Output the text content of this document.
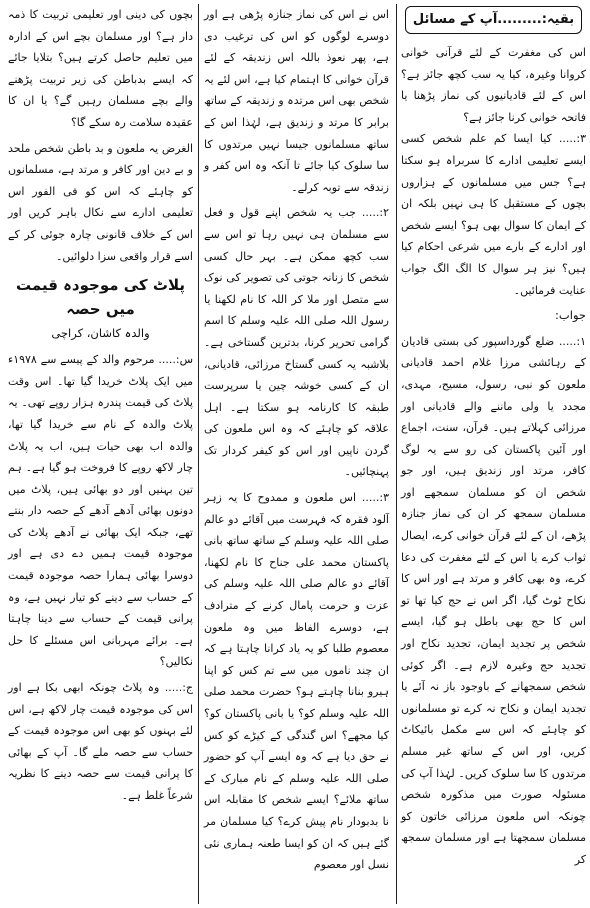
بقیہ:.........آپ کے مسائل

اس کی مغفرت کے لئے قرآنی خوانی کروانا وغیرہ، کیا یہ سب کچھ جائز ہے؟ اس کے لئے قادیانیوں کی نماز پڑھنا یا فاتحہ خوانی کرنا جائز ہے؟

۳:..... کیا ایسا کم علم شخص کسی ایسے تعلیمی ادارے کا سربراہ ہو سکتا ہے؟ جس میں مسلمانوں کے ہزاروں بچوں کے مستقبل کا ہی نہیں بلکہ ان کے ایمان کا سوال بھی ہو؟ ایسے شخص اور ادارے کے بارے میں شرعی احکام کیا ہیں؟ نیز ہر سوال کا الگ الگ جواب عنایت فرمائیں۔

جواب:

۱:..... ضلع گورداسپور کی بستی قادیان کے رہائشی مرزا غلام احمد قادیانی ملعون کو نبی، رسول، مسیح، مہدی، مجدد یا ولی ماننے والے قادیانی اور مرزائی کہلاتے ہیں۔ قرآن، سنت، اجماع اور آئین پاکستان کی رو سے یہ لوگ کافر، مرتد اور زندیق ہیں، اور جو شخص ان کو مسلمان سمجھے اور مسلمان سمجھ کر ان کی نماز جنازہ پڑھے، ان کے لئے قرآن خوانی کرے، ایصال ثواب کرے یا اس کے لئے مغفرت کی دعا کرے، وہ بھی کافر و مرتد ہے اور اس کا نکاح ٹوٹ گیا، اگر اس نے حج کیا تھا تو اس کا حج بھی باطل ہو گیا، ایسے شخص پر تجدید ایمان، تجدید نکاح اور تجدید حج وغیرہ لازم ہے۔ اگر کوئی شخص سمجھانے کے باوجود باز نہ آئے یا تجدید ایمان و نکاح نہ کرے تو مسلمانوں کو چاہئے کہ اس سے مکمل بائیکاٹ کریں، اور اس کے ساتھ غیر مسلم مرتدوں کا سا سلوک کریں۔ لہٰذا آپ کی مسئولہ صورت میں مذکورہ شخص چونکہ اس ملعون مرزائی خاتون کو مسلمان سمجھتا ہے اور مسلمان سمجھ کر

اس نے اس کی نماز جنازہ پڑھی ہے اور دوسرے لوگوں کو اس کی ترغیب دی ہے، پھر نعوذ باللہ اس زندیقہ کے لئے قرآن خوانی کا اہتمام کیا ہے، اس لئے یہ شخص بھی اس مرتدہ و زندیقہ کے ساتھ برابر کا مرتد و زندیق ہے، لہٰذا اس کے ساتھ مسلمانوں جیسا نہیں مرتدوں کا سا سلوک کیا جائے تا آنکہ وہ اس کفر و زندقہ سے توبہ کرلے۔

۲:..... جب یہ شخص اپنے قول و فعل سے مسلمان ہی نہیں رہا تو اس سے سب کچھ ممکن ہے۔ بہر حال کسی شخص کا زنانہ جوتی کی تصویر کی نوک سے متصل اور ملا کر اللہ کا نام لکھنا یا رسول اللہ صلی اللہ علیہ وسلم کا اسم گرامی تحریر کرنا، بدترین گستاخی ہے۔ بلاشبہ یہ کسی گستاخ مرزائی، قادیانی، ان کے کسی خوشہ چین یا سرپرست طبقہ کا کارنامہ ہو سکتا ہے۔ اہل علاقہ کو چاہئے کہ وہ اس ملعون کی گردن ناپیں اور اس کو کیفر کردار تک پہنچائیں۔

۳:..... اس ملعون و ممدوح کا یہ زہر آلود فقرہ کہ فہرست میں آقائے دو عالم صلی اللہ علیہ وسلم کے ساتھ ساتھ بانی پاکستان محمد علی جناح کا نام لکھنا، آقائے دو عالم صلی اللہ علیہ وسلم کی عزت و حرمت پامال کرنے کے مترادف ہے، دوسرے الفاظ میں وہ ملعون معصوم طلبا کو یہ یاد کرانا چاہتا ہے کہ ان چند ناموں میں سے تم کس کو اپنا ہیرو بنانا چاہتے ہو؟ حضرت محمد صلی اللہ علیہ وسلم کو؟ یا بانی پاکستان کو؟ کیا مجھے؟ اس گندگی کے کیڑے کو کس نے حق دیا ہے کہ وہ ایسے آپ کو حضور صلی اللہ علیہ وسلم کے نام مبارک کے ساتھ ملائے؟ ایسے شخص کا مقابلہ اس نا بدبودار نام پیش کرے؟ کیا مسلمان مر گئے ہیں کہ ان کو ایسا طعنہ ہماری نئی نسل اور معصوم

بچوں کی دینی اور تعلیمی تربیت کا ذمہ دار ہے؟ اور مسلمان بچے اس کے ادارہ میں تعلیم حاصل کرتے ہیں؟ بتلایا جائے کہ ایسے بدباطن کی زیر تربیت پڑھنے والے بچے مسلمان رہیں گے؟ یا ان کا عقیدہ سلامت رہ سکے گا؟

الغرض یہ ملعون و بد باطن شخص ملحد و بے دین اور کافر و مرتد ہے، مسلمانوں کو چاہئے کہ اس کو فی الفور اس تعلیمی ادارے سے نکال باہر کریں اور اس کے خلاف قانونی چارہ جوئی کر کے اسے قرار واقعی سزا دلوائیں۔

پلاٹ کی موجودہ قیمت میں حصہ
والدہ کاشان، کراچی

س:..... مرحوم والد کے پیسے سے ۱۹۷۸ء میں ایک پلاٹ خریدا گیا تھا۔ اس وقت پلاٹ کی قیمت پندرہ ہزار روپے تھی۔ یہ پلاٹ والدہ کے نام سے خریدا گیا تھا، والدہ اب بھی حیات ہیں، اب یہ پلاٹ چار لاکھ روپے کا فروخت ہو گیا ہے۔ ہم تین بہنیں اور دو بھائی ہیں، پلاٹ میں دونوں بھائی آدھے آدھے کے حصہ دار بنتے تھے، جبکہ ایک بھائی نے آدھے پلاٹ کی موجودہ قیمت ہمیں دے دی ہے اور دوسرا بھائی ہمارا حصہ موجودہ قیمت کے حساب سے دینے کو تیار نہیں ہے، وہ پرانی قیمت کے حساب سے دینا چاہتا ہے۔ برائے مہربانی اس مسئلے کا حل نکالیں؟

ج:..... وہ پلاٹ چونکہ ابھی بکا ہے اور اس کی موجودہ قیمت چار لاکھ ہے، اس لئے بہنوں کو بھی اس موجودہ قیمت کے حساب سے حصہ ملے گا۔ آپ کے بھائی کا پرانی قیمت سے حصہ دینے کا نظریہ شرعاً غلط ہے۔
